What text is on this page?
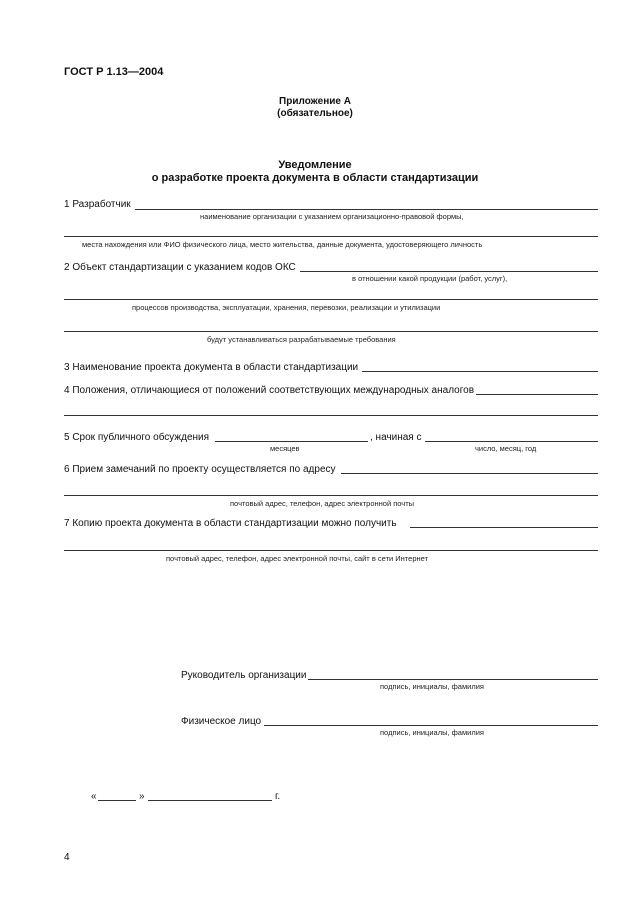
ГОСТ Р 1.13—2004
Приложение А
(обязательное)
Уведомление
о разработке проекта документа в области стандартизации
1 Разработчик
наименование организации с указанием организационно-правовой формы,
места нахождения или ФИО физического лица, место жительства, данные документа, удостоверяющего личность
2 Объект стандартизации с указанием кодов ОКС
в отношении какой продукции (работ, услуг),
процессов производства, эксплуатации, хранения, перевозки, реализации и утилизации
будут устанавливаться разрабатываемые требования
3 Наименование проекта документа в области стандартизации
4 Положения, отличающиеся от положений соответствующих международных аналогов
5 Срок публичного обсуждения	, начиная с
месяцев	число, месяц, год
6 Прием замечаний по проекту осуществляется по адресу
почтовый адрес, телефон, адрес электронной почты
7 Копию проекта документа в области стандартизации можно получить
почтовый адрес, телефон, адрес электронной почты, сайт в сети Интернет
Руководитель организации
подпись, инициалы, фамилия
Физическое лицо
подпись, инициалы, фамилия
«	»	г.
4
